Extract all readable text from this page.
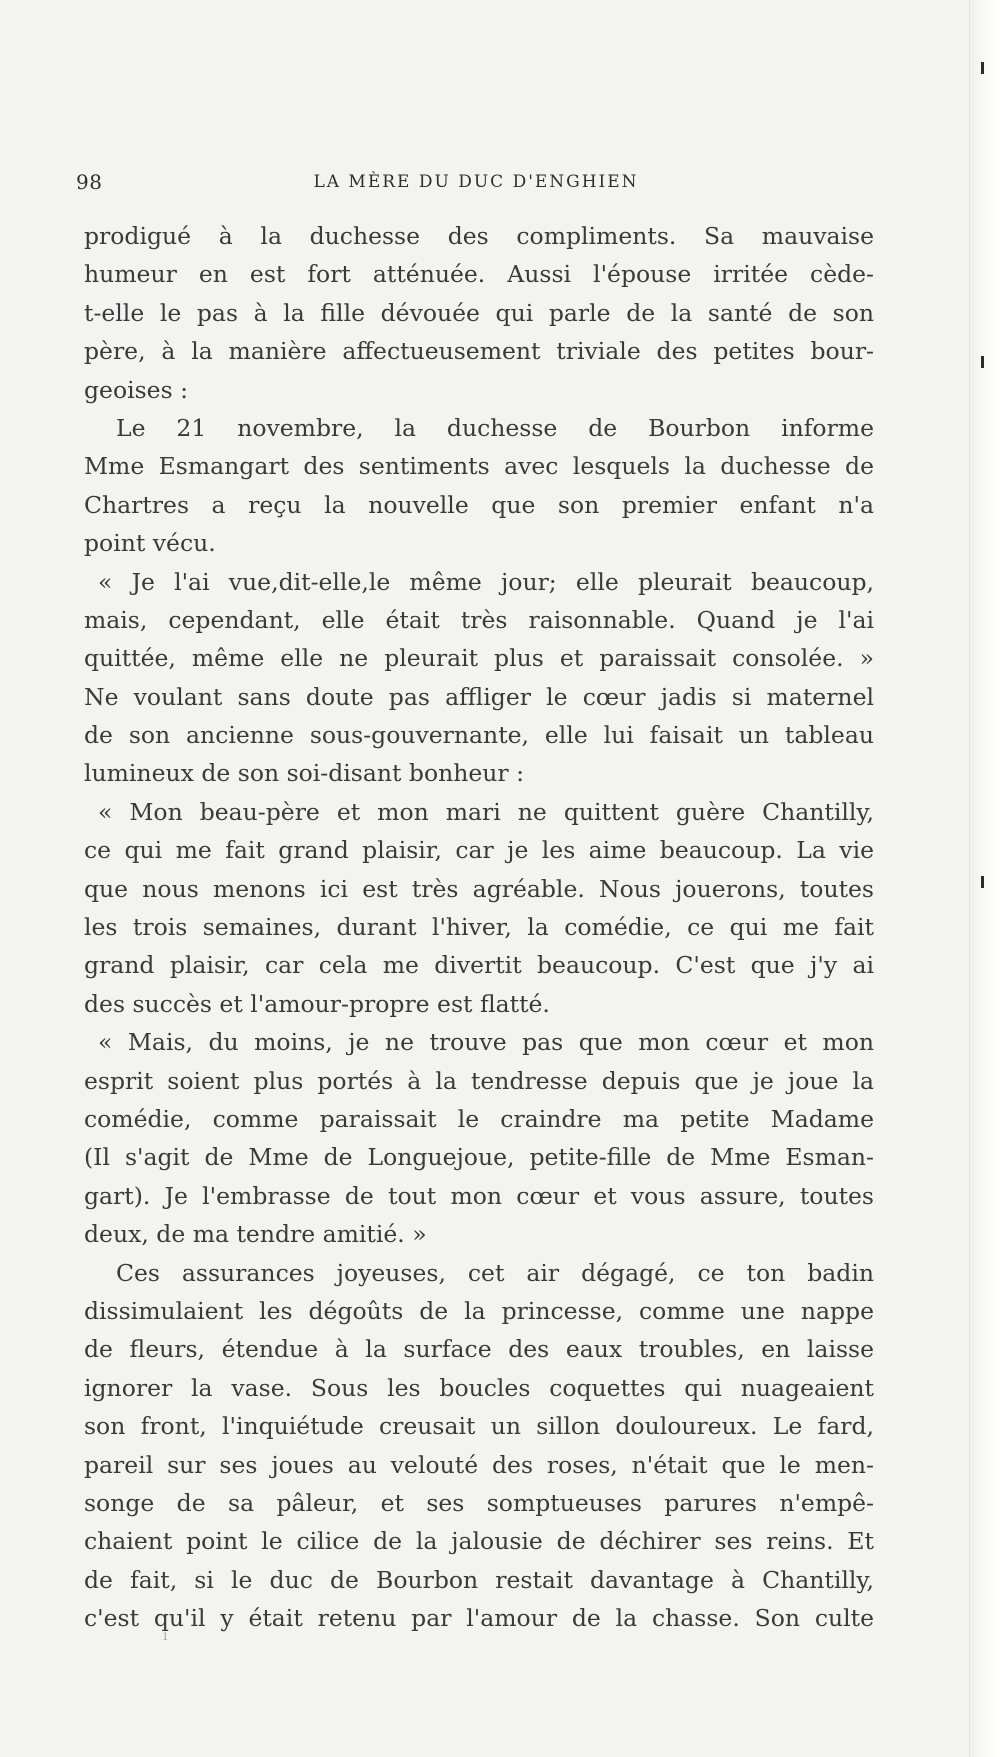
98	LA MÈRE DU DUC D'ENGHIEN
prodigué à la duchesse des compliments. Sa mauvaise
humeur en est fort atténuée. Aussi l'épouse irritée cède-
t-elle le pas à la fille dévouée qui parle de la santé de son
père, à la manière affectueusement triviale des petites bour-
geoises :
Le 21 novembre, la duchesse de Bourbon informe
Mme Esmangart des sentiments avec lesquels la duchesse de
Chartres a reçu la nouvelle que son premier enfant n'a
point vécu.
« Je l'ai vue,dit-elle,le même jour; elle pleurait beaucoup,
mais, cependant, elle était très raisonnable. Quand je l'ai
quittée, même elle ne pleurait plus et paraissait consolée. »
Ne voulant sans doute pas affliger le cœur jadis si maternel
de son ancienne sous-gouvernante, elle lui faisait un tableau
lumineux de son soi-disant bonheur :
« Mon beau-père et mon mari ne quittent guère Chantilly,
ce qui me fait grand plaisir, car je les aime beaucoup. La vie
que nous menons ici est très agréable. Nous jouerons, toutes
les trois semaines, durant l'hiver, la comédie, ce qui me fait
grand plaisir, car cela me divertit beaucoup. C'est que j'y ai
des succès et l'amour-propre est flatté.
« Mais, du moins, je ne trouve pas que mon cœur et mon
esprit soient plus portés à la tendresse depuis que je joue la
comédie, comme paraissait le craindre ma petite Madame
(Il s'agit de Mme de Longuejoue, petite-fille de Mme Esman-
gart). Je l'embrasse de tout mon cœur et vous assure, toutes
deux, de ma tendre amitié. »
Ces assurances joyeuses, cet air dégagé, ce ton badin
dissimulaient les dégoûts de la princesse, comme une nappe
de fleurs, étendue à la surface des eaux troubles, en laisse
ignorer la vase. Sous les boucles coquettes qui nuageaient
son front, l'inquiétude creusait un sillon douloureux. Le fard,
pareil sur ses joues au velouté des roses, n'était que le men-
songe de sa pâleur, et ses somptueuses parures n'empê-
chaient point le cilice de la jalousie de déchirer ses reins. Et
de fait, si le duc de Bourbon restait davantage à Chantilly,
c'est qu'il y était retenu par l'amour de la chasse. Son culte
ı
